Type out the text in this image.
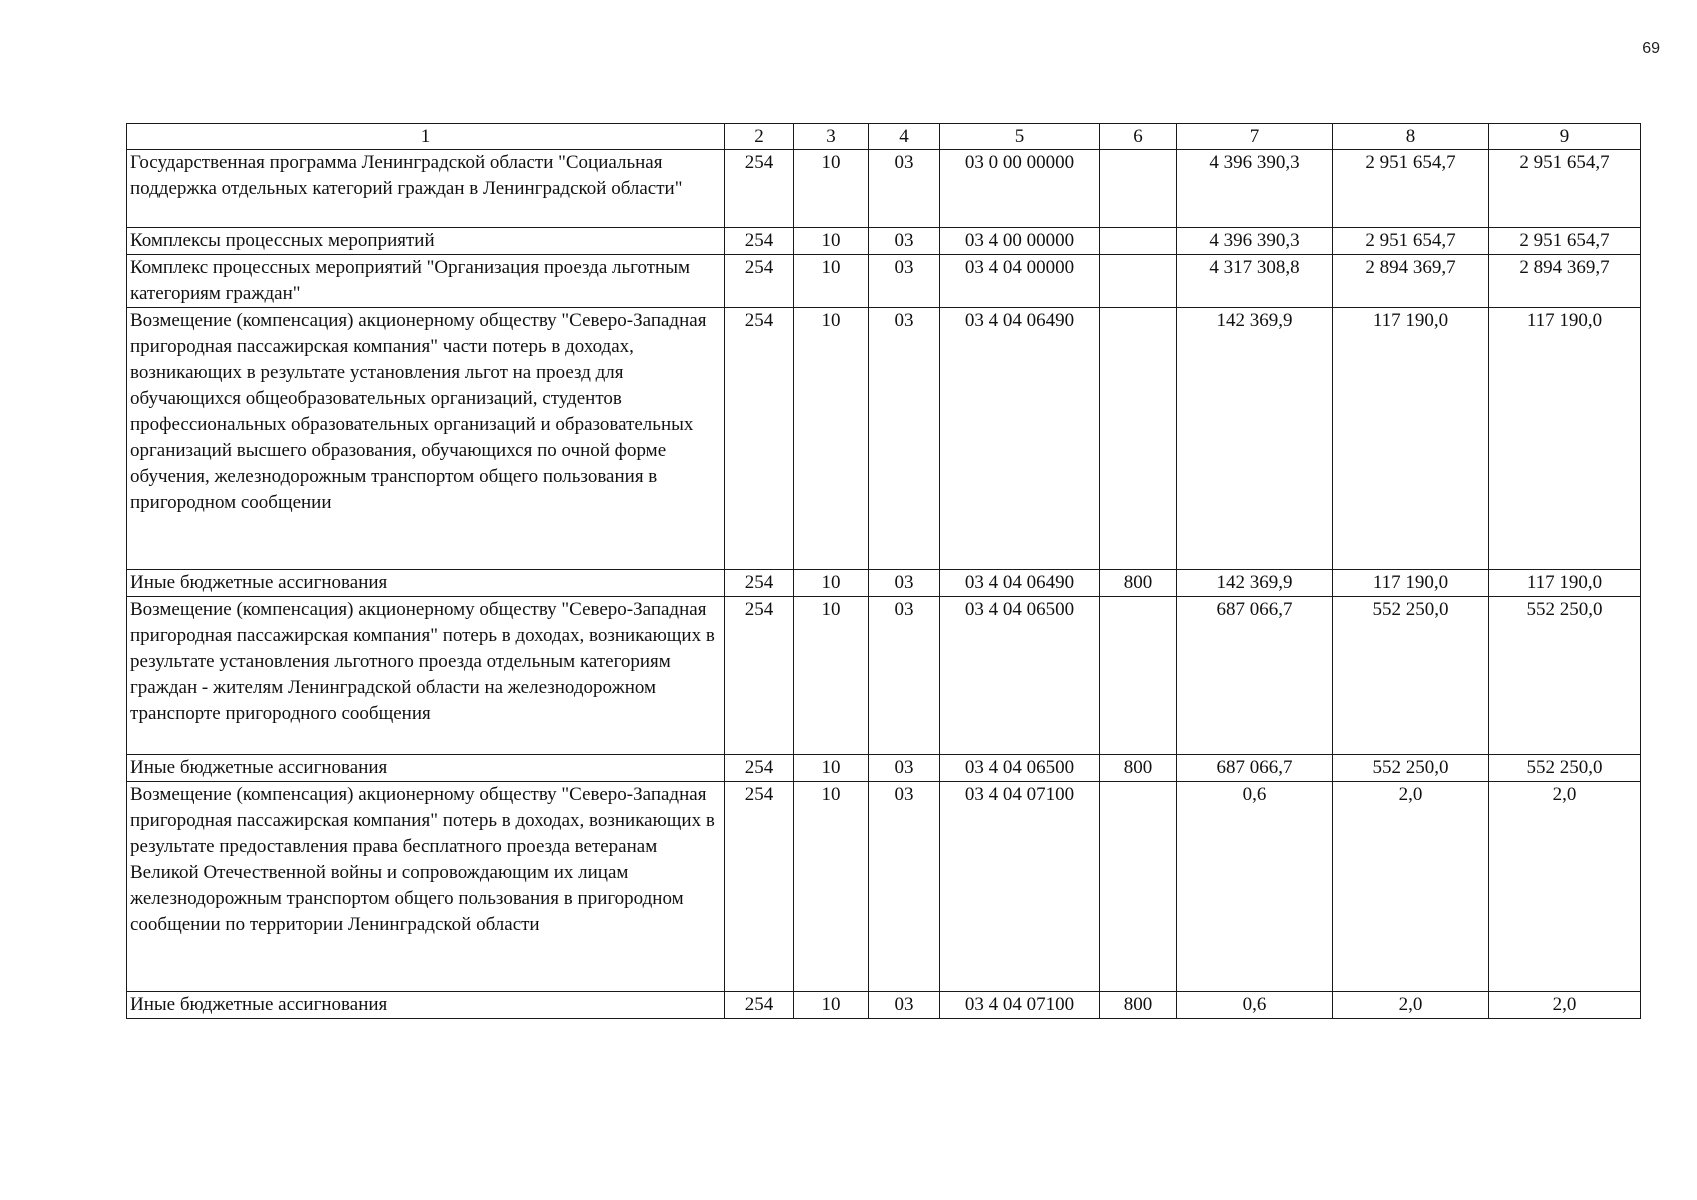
69
1	2	3	4	5	6	7	8	9
Государственная программа Ленинградской области "Социальная поддержка отдельных категорий граждан в Ленинградской области"	254	10	03	03 0 00 00000		4 396 390,3	2 951 654,7	2 951 654,7
Комплексы процессных мероприятий	254	10	03	03 4 00 00000		4 396 390,3	2 951 654,7	2 951 654,7
Комплекс процессных мероприятий "Организация проезда льготным категориям граждан"	254	10	03	03 4 04 00000		4 317 308,8	2 894 369,7	2 894 369,7
Возмещение (компенсация) акционерному обществу "Северо-Западная пригородная пассажирская компания" части потерь в доходах, возникающих в результате установления льгот на проезд для обучающихся общеобразовательных организаций, студентов профессиональных образовательных организаций и образовательных организаций высшего образования, обучающихся по очной форме обучения, железнодорожным транспортом общего пользования в пригородном сообщении	254	10	03	03 4 04 06490		142 369,9	117 190,0	117 190,0
Иные бюджетные ассигнования	254	10	03	03 4 04 06490	800	142 369,9	117 190,0	117 190,0
Возмещение (компенсация) акционерному обществу "Северо-Западная пригородная пассажирская компания" потерь в доходах, возникающих в результате установления льготного проезда отдельным категориям граждан - жителям Ленинградской области на железнодорожном транспорте пригородного сообщения	254	10	03	03 4 04 06500		687 066,7	552 250,0	552 250,0
Иные бюджетные ассигнования	254	10	03	03 4 04 06500	800	687 066,7	552 250,0	552 250,0
Возмещение (компенсация) акционерному обществу "Северо-Западная пригородная пассажирская компания" потерь в доходах, возникающих в результате предоставления права бесплатного проезда ветеранам Великой Отечественной войны и сопровождающим их лицам железнодорожным транспортом общего пользования в пригородном сообщении по территории Ленинградской области	254	10	03	03 4 04 07100		0,6	2,0	2,0
Иные бюджетные ассигнования	254	10	03	03 4 04 07100	800	0,6	2,0	2,0
